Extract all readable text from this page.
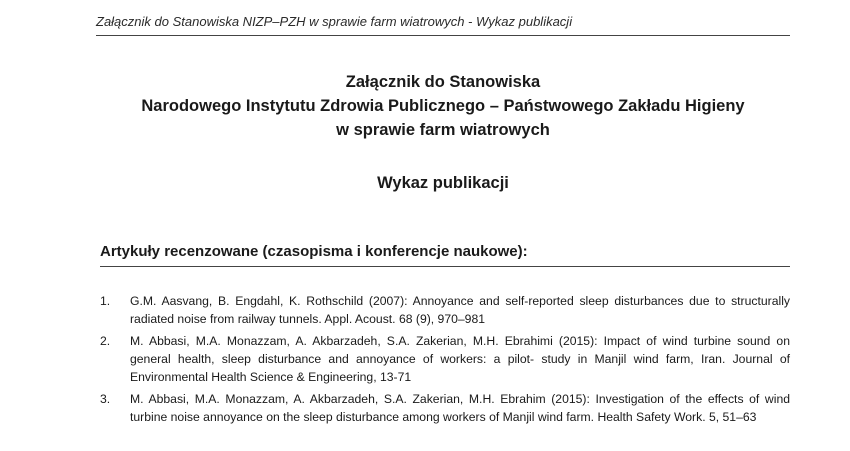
Załącznik do Stanowiska NIZP–PZH w sprawie farm wiatrowych - Wykaz publikacji
Załącznik do Stanowiska
Narodowego Instytutu Zdrowia Publicznego – Państwowego Zakładu Higieny
w sprawie farm wiatrowych
Wykaz publikacji
Artykuły recenzowane (czasopisma i konferencje naukowe):
1.	G.M. Aasvang, B. Engdahl, K. Rothschild (2007): Annoyance and self-reported sleep disturbances due to structurally radiated noise from railway tunnels. Appl. Acoust. 68 (9), 970–981
2.	M. Abbasi, M.A. Monazzam, A. Akbarzadeh, S.A. Zakerian, M.H. Ebrahimi (2015): Impact of wind turbine sound on general health, sleep disturbance and annoyance of workers: a pilot- study in Manjil wind farm, Iran. Journal of Environmental Health Science & Engineering, 13-71
3.	M. Abbasi, M.A. Monazzam, A. Akbarzadeh, S.A. Zakerian, M.H. Ebrahim (2015): Investigation of the effects of wind turbine noise annoyance on the sleep disturbance among workers of Manjil wind farm. Health Safety Work. 5, 51–63
